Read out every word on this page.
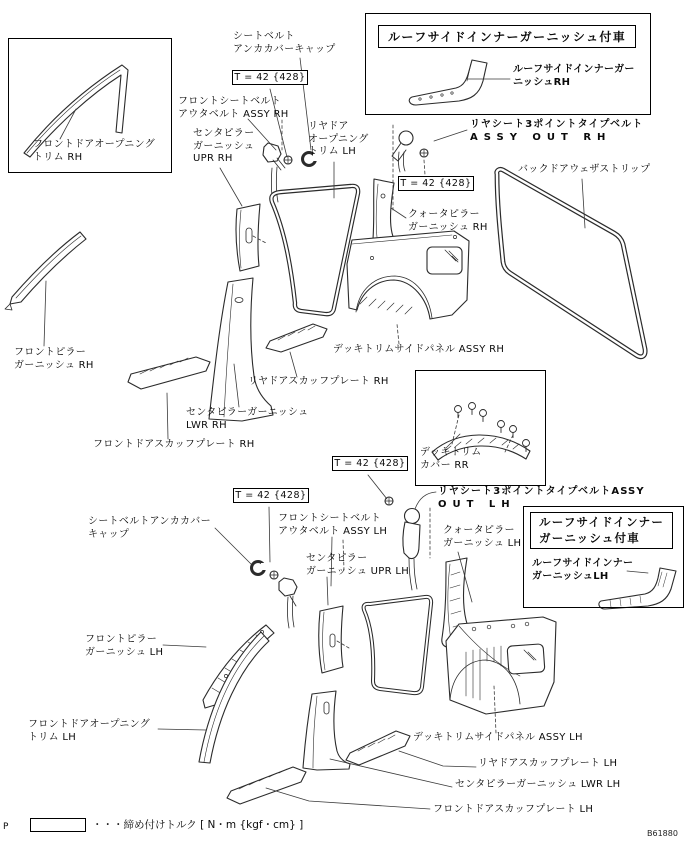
ルーフサイドインナーガーニッシュ付車
ルーフサイドインナー
ガーニッシュ付車
T = 42 {428}
T = 42 {428}
T = 42 {428}
T = 42 {428}
フロントドアオープニング
トリム RH
シートベルト
アンカカバーキャップ
フロントシートベルト
アウタベルト ASSY RH
センタピラー
ガーニッシュ
UPR RH
リヤドア
オープニング
トリム LH
ルーフサイドインナーガー
ニッシュRH
リヤシート3ポイントタイプベルト
ASSY OUT RH
バックドアウェザストリップ
クォータピラー
ガーニッシュ RH
フロントピラー
ガーニッシュ RH
デッキトリムサイドパネル ASSY RH
リヤドアスカッフプレート RH
センタピラーガーニッシュ
LWR RH
フロントドアスカッフプレート RH
デッキトリム
カバー RR
リヤシート3ポイントタイプベルトASSY
OUT LH
シートベルトアンカカバー
キャップ
フロントシートベルト
アウタベルト ASSY LH
センタピラー
ガーニッシュ UPR LH
クォータピラー
ガーニッシュ LH
ルーフサイドインナー
ガーニッシュLH
フロントピラー
ガーニッシュ LH
フロントドアオープニング
トリム LH	デッキトリムサイドパネル ASSY LH
リヤドアスカッフプレート LH
センタピラーガーニッシュ LWR LH
フロントドアスカッフプレート LH
・・・締め付けトルク [ N・m {kgf・cm} ]
P
B61880
